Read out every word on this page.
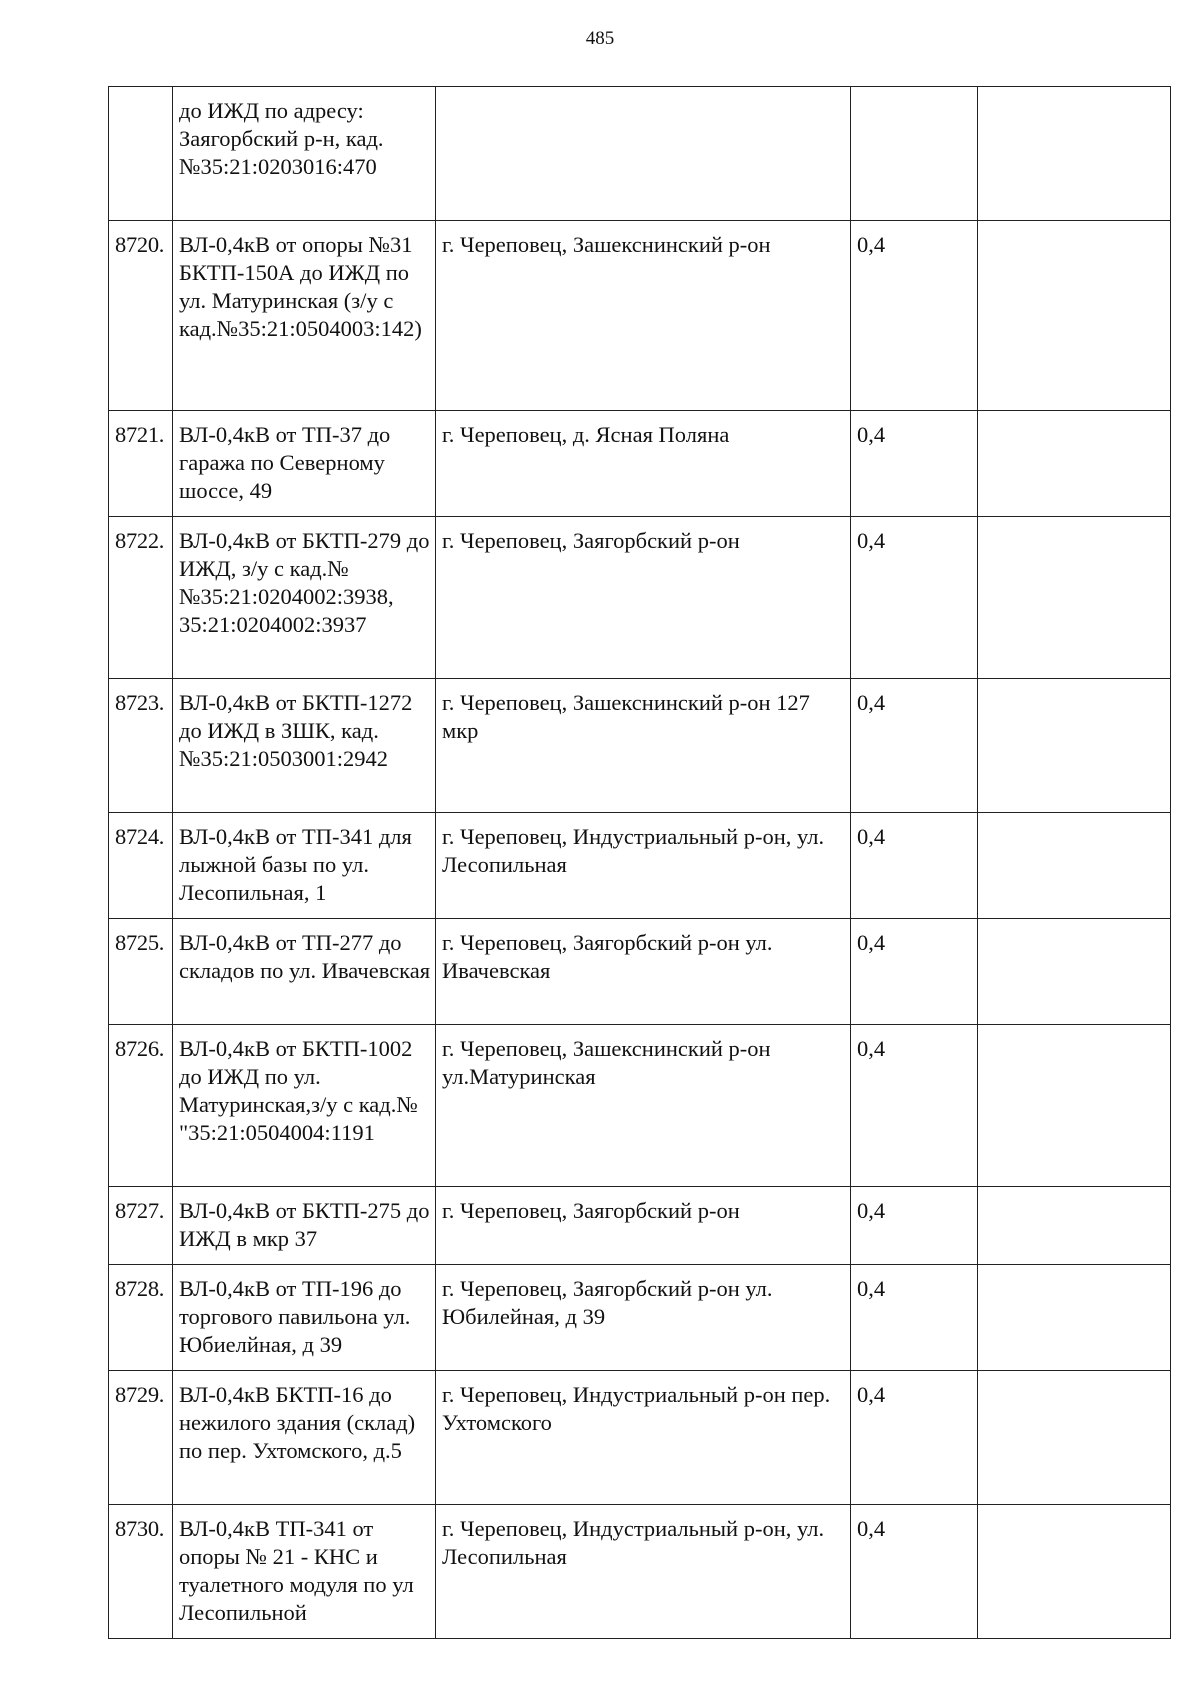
485
	до ИЖД по адресу: Заягорбский р-н, кад.№35:21:0203016:470			
8720.	ВЛ-0,4кВ от опоры №31 БКТП-150А до ИЖД по ул. Матуринская (з/у с кад.№35:21:0504003:142)	г. Череповец, Зашекснинский р-он	0,4	
8721.	ВЛ-0,4кВ от ТП-37 до гаража по Северному шоссе, 49	г. Череповец, д. Ясная Поляна	0,4	
8722.	ВЛ-0,4кВ от БКТП-279 до ИЖД, з/у с кад.№№35:21:0204002:3938, 35:21:0204002:3937	г. Череповец, Заягорбский р-он	0,4	
8723.	ВЛ-0,4кВ от БКТП-1272 до ИЖД в ЗШК, кад.№35:21:0503001:2942	г. Череповец, Зашекснинский р-он 127 мкр	0,4	
8724.	ВЛ-0,4кВ от ТП-341 для лыжной базы по ул. Лесопильная, 1	г. Череповец, Индустриальный р-он, ул. Лесопильная	0,4	
8725.	ВЛ-0,4кВ от ТП-277 до складов по ул. Ивачевская	г. Череповец, Заягорбский р-он ул. Ивачевская	0,4	
8726.	ВЛ-0,4кВ от БКТП-1002 до ИЖД по ул. Матуринская,з/у с кад.№ "35:21:0504004:1191	г. Череповец, Зашекснинский р-он ул.Матуринская	0,4	
8727.	ВЛ-0,4кВ от БКТП-275 до ИЖД в мкр 37	г. Череповец, Заягорбский р-он	0,4	
8728.	ВЛ-0,4кВ от ТП-196 до торгового павильона ул. Юбиелйная, д 39	г. Череповец, Заягорбский р-он ул. Юбилейная, д 39	0,4	
8729.	ВЛ-0,4кВ БКТП-16 до нежилого здания (склад) по пер. Ухтомского, д.5	г. Череповец, Индустриальный р-он пер. Ухтомского	0,4	
8730.	ВЛ-0,4кВ ТП-341 от опоры № 21 - КНС и туалетного модуля по ул Лесопильной	г. Череповец, Индустриальный р-он, ул. Лесопильная	0,4	
